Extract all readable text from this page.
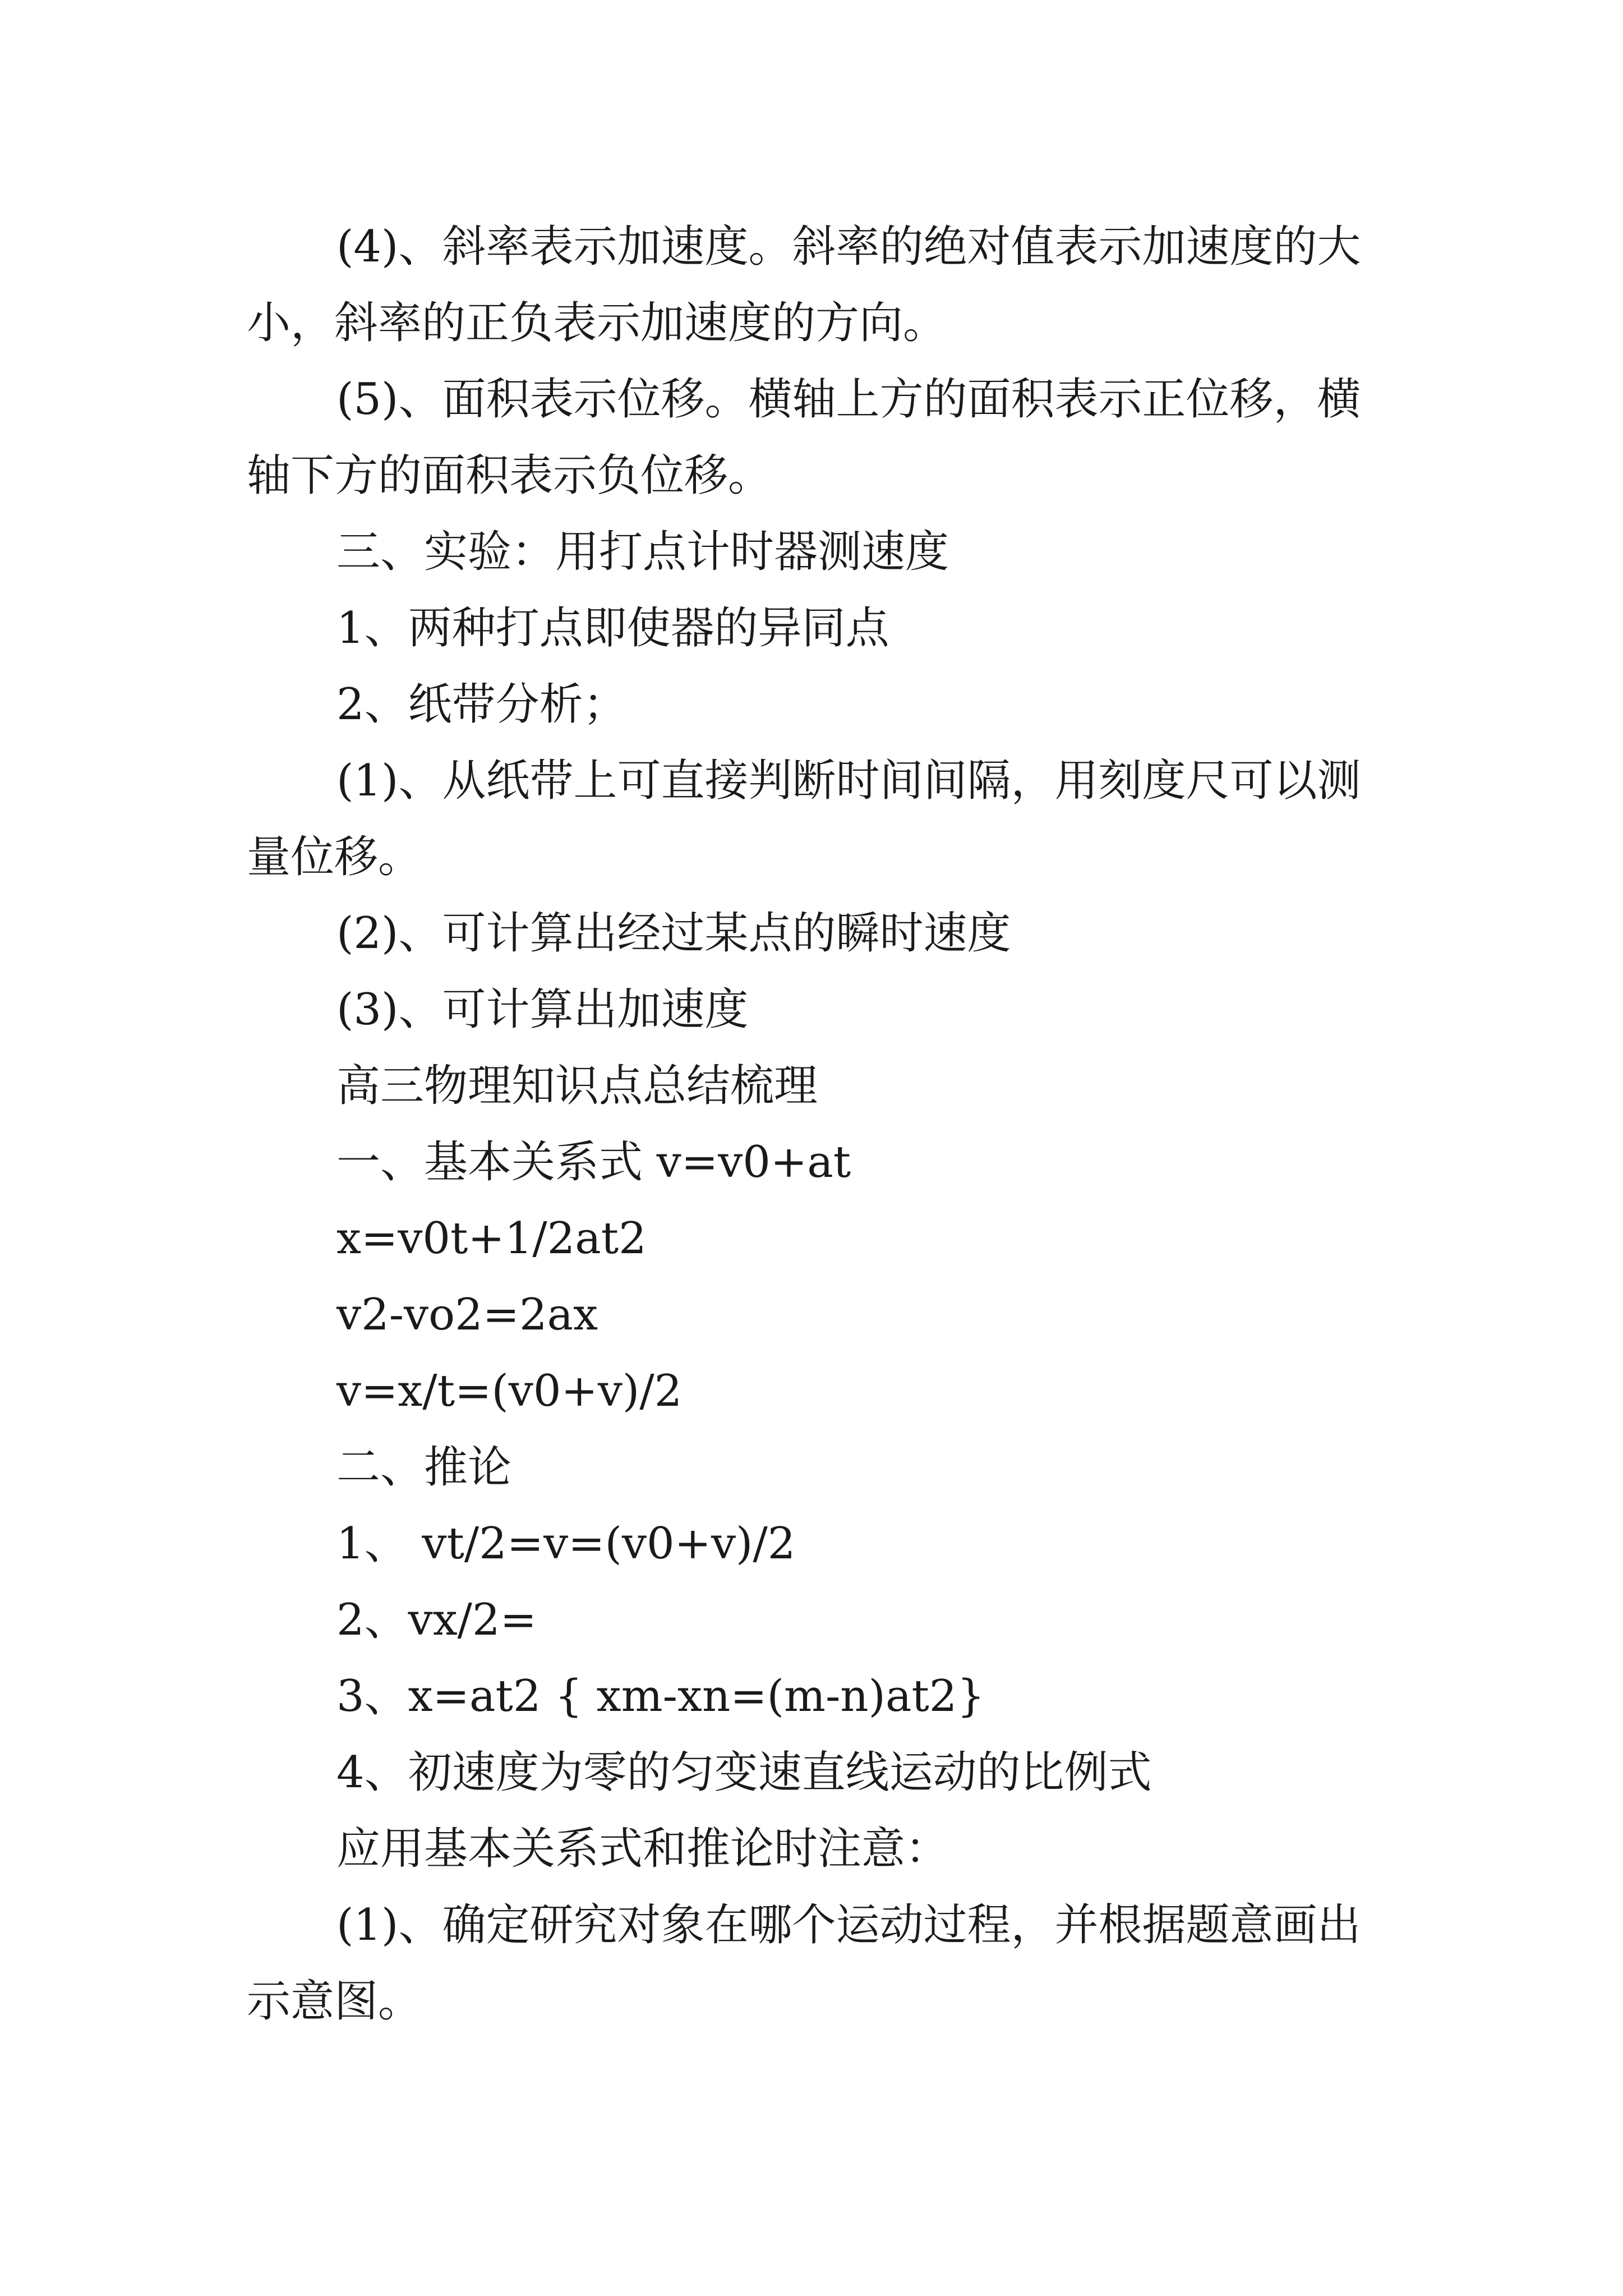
(4)、斜率表示加速度。斜率的绝对值表示加速度的大小，斜率的正负表示加速度的方向。

(5)、面积表示位移。横轴上方的面积表示正位移，横轴下方的面积表示负位移。

三、实验：用打点计时器测速度

1、两种打点即使器的异同点

2、纸带分析；

(1)、从纸带上可直接判断时间间隔，用刻度尺可以测量位移。

(2)、可计算出经过某点的瞬时速度

(3)、可计算出加速度

高三物理知识点总结梳理

一、基本关系式 v=v0+at

x=v0t+1/2at2

v2-vo2=2ax

v=x/t=(v0+v)/2

二、推论

1、 vt/2=v=(v0+v)/2

2、vx/2=

3、x=at2 { xm-xn=(m-n)at2}

4、初速度为零的匀变速直线运动的比例式

应用基本关系式和推论时注意：

(1)、确定研究对象在哪个运动过程，并根据题意画出示意图。
